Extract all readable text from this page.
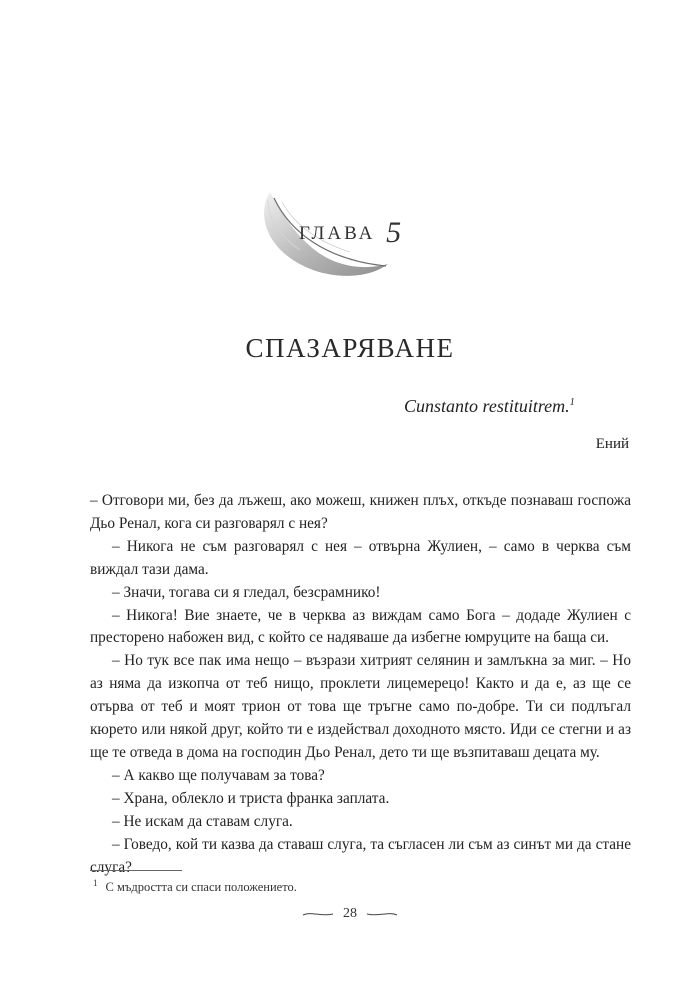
ГЛАВА 5
СПАЗАРЯВАНЕ
Cunstanto restituitrem.$^1$
Ений

– Отговори ми, без да лъжеш, ако можеш, книжен плъх, откъде познаваш госпожа Дьо Ренал, кога си разговарял с нея?

– Никога не съм разговарял с нея – отвърна Жулиен, – само в черква съм виждал тази дама.

– Значи, тогава си я гледал, безсрамнико!

– Никога! Вие знаете, че в черква аз виждам само Бога – додаде Жулиен с престорено набожен вид, с който се надяваше да избегне юмруците на баща си.

– Но тук все пак има нещо – възрази хитрият селянин и замлъкна за миг. – Но аз няма да изкопча от теб нищо, проклети лицемерецо! Както и да е, аз ще се отървa от теб и моят трион от това ще тръгне само по-добре. Ти си подлъгал кюрето или някой друг, който ти е издействал доходното място. Иди се стегни и аз ще те отведа в дома на господин Дьо Ренал, дето ти ще възпитаваш децата му.

– А какво ще получавам за това?

– Храна, облекло и триста франка заплата.

– Не искам да ставам слуга.

– Говедо, кой ти казва да ставаш слуга, та съгласен ли съм аз синът ми да стане слуга?

$^1$ С мъдростта си спаси положението.
28
